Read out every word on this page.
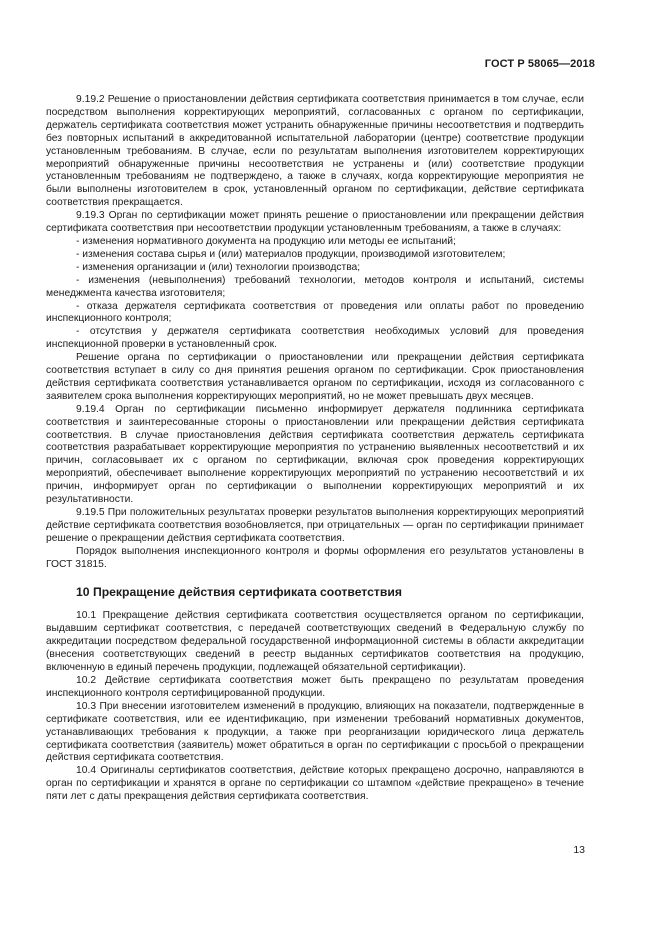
ГОСТ Р 58065—2018

9.19.2 Решение о приостановлении действия сертификата соответствия принимается в том случае, если посредством выполнения корректирующих мероприятий, согласованных с органом по сертификации, держатель сертификата соответствия может устранить обнаруженные причины несоответствия и подтвердить без повторных испытаний в аккредитованной испытательной лаборатории (центре) соответствие продукции установленным требованиям. В случае, если по результатам выполнения изготовителем корректирующих мероприятий обнаруженные причины несоответствия не устранены и (или) соответствие продукции установленным требованиям не подтверждено, а также в случаях, когда корректирующие мероприятия не были выполнены изготовителем в срок, установленный органом по сертификации, действие сертификата соответствия прекращается.

9.19.3 Орган по сертификации может принять решение о приостановлении или прекращении действия сертификата соответствия при несоответствии продукции установленным требованиям, а также в случаях:

- изменения нормативного документа на продукцию или методы ее испытаний;

- изменения состава сырья и (или) материалов продукции, производимой изготовителем;

- изменения организации и (или) технологии производства;

- изменения (невыполнения) требований технологии, методов контроля и испытаний, системы менеджмента качества изготовителя;

- отказа держателя сертификата соответствия от проведения или оплаты работ по проведению инспекционного контроля;

- отсутствия у держателя сертификата соответствия необходимых условий для проведения инспекционной проверки в установленный срок.

Решение органа по сертификации о приостановлении или прекращении действия сертификата соответствия вступает в силу со дня принятия решения органом по сертификации. Срок приостановления действия сертификата соответствия устанавливается органом по сертификации, исходя из согласованного с заявителем срока выполнения корректирующих мероприятий, но не может превышать двух месяцев.

9.19.4 Орган по сертификации письменно информирует держателя подлинника сертификата соответствия и заинтересованные стороны о приостановлении или прекращении действия сертификата соответствия. В случае приостановления действия сертификата соответствия держатель сертификата соответствия разрабатывает корректирующие мероприятия по устранению выявленных несоответствий и их причин, согласовывает их с органом по сертификации, включая срок проведения корректирующих мероприятий, обеспечивает выполнение корректирующих мероприятий по устранению несоответствий и их причин, информирует орган по сертификации о выполнении корректирующих мероприятий и их результативности.

9.19.5 При положительных результатах проверки результатов выполнения корректирующих мероприятий действие сертификата соответствия возобновляется, при отрицательных — орган по сертификации принимает решение о прекращении действия сертификата соответствия.

Порядок выполнения инспекционного контроля и формы оформления его результатов установлены в ГОСТ 31815.

10 Прекращение действия сертификата соответствия

10.1 Прекращение действия сертификата соответствия осуществляется органом по сертификации, выдавшим сертификат соответствия, с передачей соответствующих сведений в Федеральную службу по аккредитации посредством федеральной государственной информационной системы в области аккредитации (внесения соответствующих сведений в реестр выданных сертификатов соответствия на продукцию, включенную в единый перечень продукции, подлежащей обязательной сертификации).

10.2 Действие сертификата соответствия может быть прекращено по результатам проведения инспекционного контроля сертифицированной продукции.

10.3 При внесении изготовителем изменений в продукцию, влияющих на показатели, подтвержденные в сертификате соответствия, или ее идентификацию, при изменении требований нормативных документов, устанавливающих требования к продукции, а также при реорганизации юридического лица держатель сертификата соответствия (заявитель) может обратиться в орган по сертификации с просьбой о прекращении действия сертификата соответствия.

10.4 Оригиналы сертификатов соответствия, действие которых прекращено досрочно, направляются в орган по сертификации и хранятся в органе по сертификации со штампом «действие прекращено» в течение пяти лет с даты прекращения действия сертификата соответствия.

13
